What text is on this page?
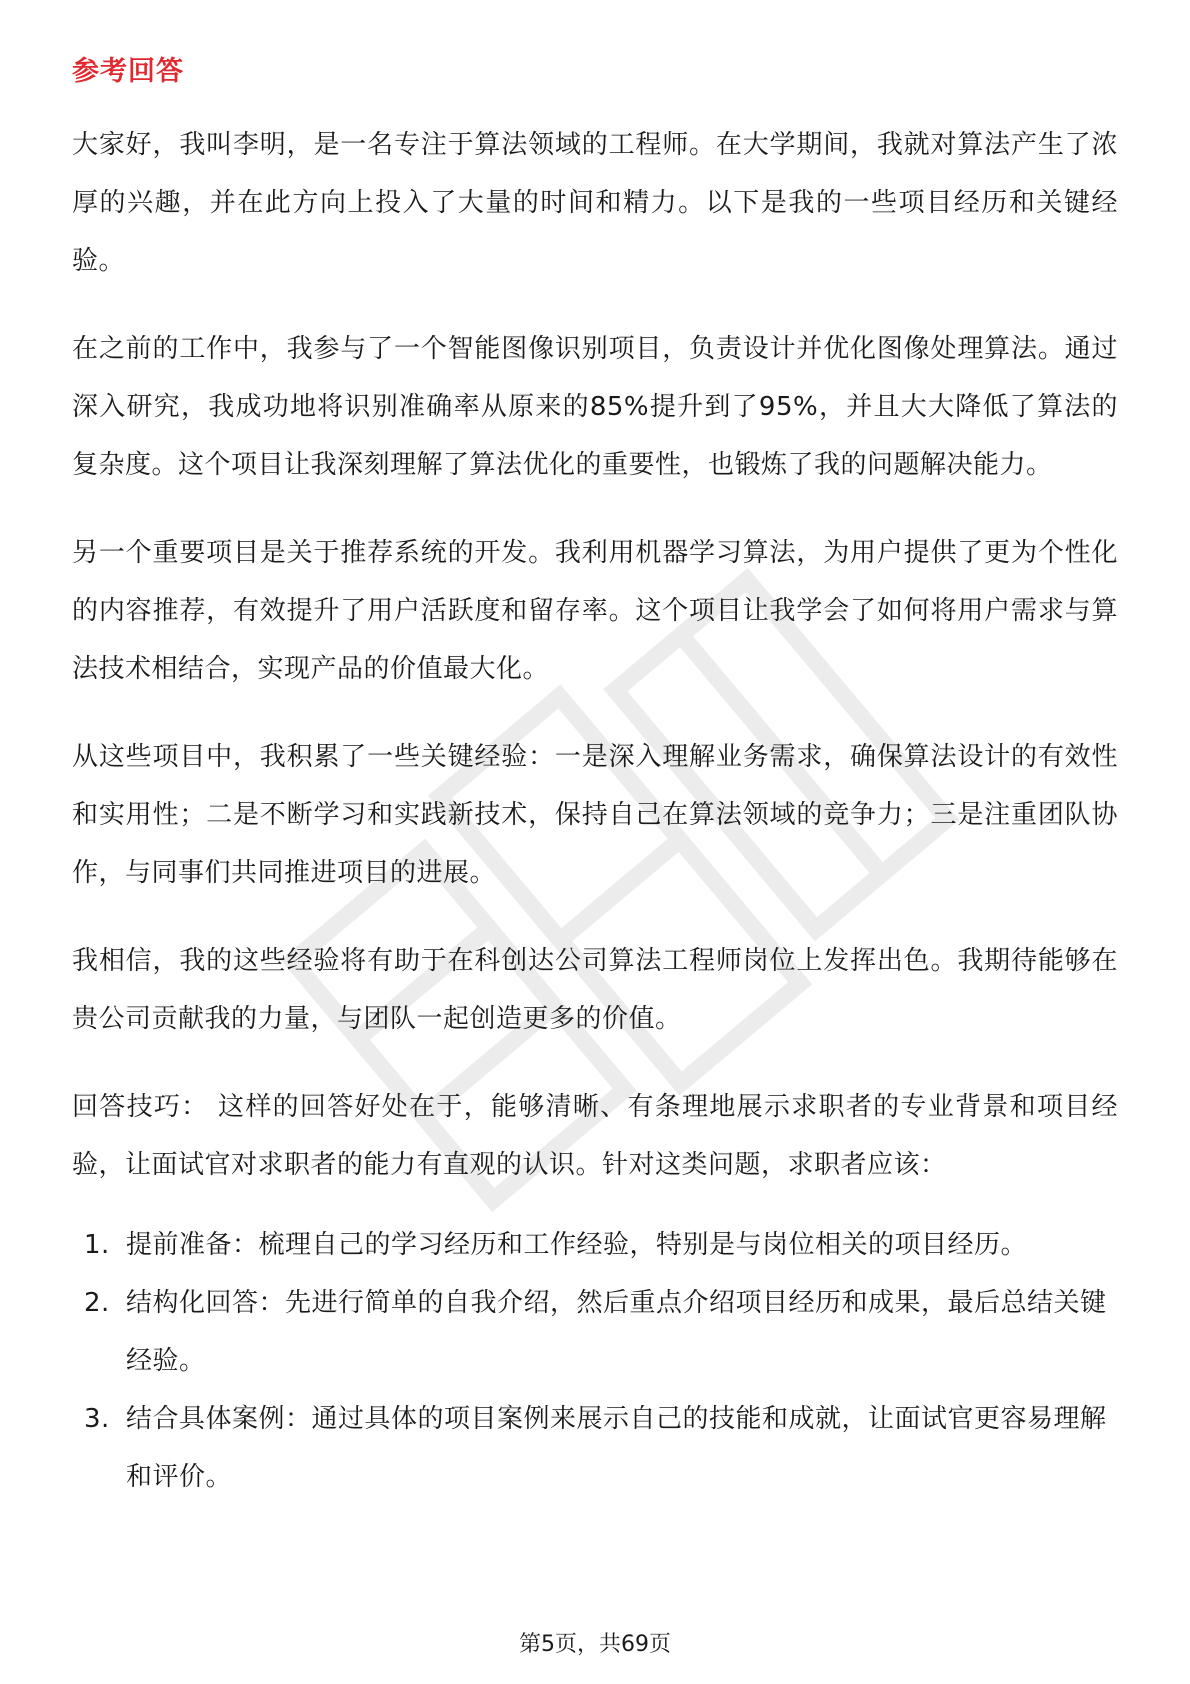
参考回答

大家好，我叫李明，是一名专注于算法领域的工程师。在大学期间，我就对算法产生了浓厚的兴趣，并在此方向上投入了大量的时间和精力。以下是我的一些项目经历和关键经验。

在之前的工作中，我参与了一个智能图像识别项目，负责设计并优化图像处理算法。通过深入研究，我成功地将识别准确率从原来的85%提升到了95%，并且大大降低了算法的复杂度。这个项目让我深刻理解了算法优化的重要性，也锻炼了我的问题解决能力。

另一个重要项目是关于推荐系统的开发。我利用机器学习算法，为用户提供了更为个性化的内容推荐，有效提升了用户活跃度和留存率。这个项目让我学会了如何将用户需求与算法技术相结合，实现产品的价值最大化。

从这些项目中，我积累了一些关键经验：一是深入理解业务需求，确保算法设计的有效性和实用性；二是不断学习和实践新技术，保持自己在算法领域的竞争力；三是注重团队协作，与同事们共同推进项目的进展。

我相信，我的这些经验将有助于在科创达公司算法工程师岗位上发挥出色。我期待能够在贵公司贡献我的力量，与团队一起创造更多的价值。

回答技巧： 这样的回答好处在于，能够清晰、有条理地展示求职者的专业背景和项目经验，让面试官对求职者的能力有直观的认识。针对这类问题，求职者应该：

1. 提前准备：梳理自己的学习经历和工作经验，特别是与岗位相关的项目经历。
2. 结构化回答：先进行简单的自我介绍，然后重点介绍项目经历和成果，最后总结关键经验。
3. 结合具体案例：通过具体的项目案例来展示自己的技能和成就，让面试官更容易理解和评价。
第5页，共69页
